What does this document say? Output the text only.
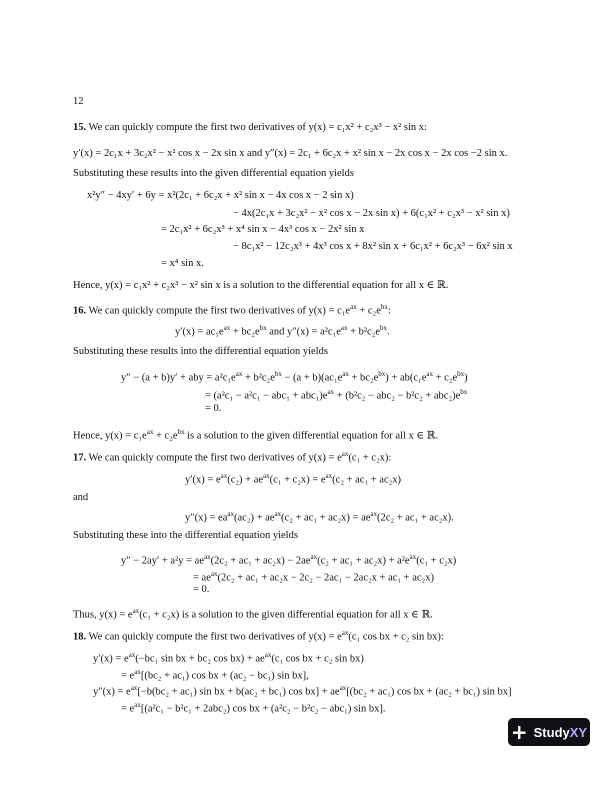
12
15. We can quickly compute the first two derivatives of y(x) = c₁x² + c₂x³ − x² sin x:
y′(x) = 2c₁x + 3c₂x² − x² cos x − 2x sin x and y″(x) = 2c₁ + 6c₂x + x² sin x − 2x cos x − 2x cos −2 sin x.
Substituting these results into the given differential equation yields
x²y″ − 4xy′ + 6y = x²(2c₁ + 6c₂x + x² sin x − 4x cos x − 2 sin x)
− 4x(2c₁x + 3c₂x² − x² cos x − 2x sin x) + 6(c₁x² + c₂x³ − x² sin x)
= 2c₁x² + 6c₂x³ + x⁴ sin x − 4x³ cos x − 2x² sin x
− 8c₁x² − 12c₂x³ + 4x³ cos x + 8x² sin x + 6c₁x² + 6c₂x³ − 6x² sin x
= x⁴ sin x.
Hence, y(x) = c₁x² + c₂x³ − x² sin x is a solution to the differential equation for all x ∈ ℝ.
16. We can quickly compute the first two derivatives of $y(x) = c_1e^{ax} + c_2e^{bx}$:
$y'(x) = ac_1e^{ax} + bc_2e^{bx}$ and $y''(x) = a^2c_1e^{ax} + b^2c_2e^{bx}$.
Substituting these results into the differential equation yields
y″ − (a + b)y′ + aby = $a^2c_1e^{ax} + b^2c_2e^{bx} - (a + b)(ac_1e^{ax} + bc_2e^{bx}) + ab(c_1e^{ax} + c_2e^{bx})$
= $(a^2c_1 - a^2c_1 - abc_1 + abc_1)e^{ax} + (b^2c_2 - abc_2 - b^2c_2 + abc_2)e^{bx}$
= 0.
Hence, $y(x) = c_1e^{ax} + c_2e^{bx}$ is a solution to the given differential equation for all x ∈ ℝ.
17. We can quickly compute the first two derivatives of $y(x) = e^{ax}(c_1 + c_2x)$:
$y'(x) = e^{ax}(c_2) + ae^{ax}(c_1 + c_2x) = e^{ax}(c_2 + ac_1 + ac_2x)$
and
$y''(x) = ea^{ax}(ac_2) + ae^{ax}(c_2 + ac_1 + ac_2x) = ae^{ax}(2c_2 + ac_1 + ac_2x)$.
Substituting these into the differential equation yields
$y'' - 2ay' + a^2y = ae^{ax}(2c_2 + ac_1 + ac_2x) - 2ae^{ax}(c_2 + ac_1 + ac_2x) + a^2e^{ax}(c_1 + c_2x)$
= $ae^{ax}(2c_2 + ac_1 + ac_2x - 2c_2 - 2ac_1 - 2ac_2x + ac_1 + ac_2x)$
= 0.
Thus, $y(x) = e^{ax}(c_1 + c_2x)$ is a solution to the given differential equation for all x ∈ ℝ.
18. We can quickly compute the first two derivatives of $y(x) = e^{ax}(c_1$ cos bx + c₂ sin bx):
$y'(x) = e^{ax}(-bc_1$ sin bx + bc₂ $\cos bx) + ae^{ax}(c_1$ cos bx + c₂ sin bx)
= $e^{ax}[(bc_2 + ac_1)$ cos bx + (ac₂ − bc₁) sin bx],
$y''(x) = e^{ax}[-b(bc_2 + ac_1)$ sin bx + b(ac₂ + bc₁) $\cos bx] + ae^{ax}[(bc_2 + ac_1)$ cos bx + (ac₂ + bc₁) sin bx]
= $e^{ax}[(a^2c_1 - b^2c_1 + 2abc_2)$ cos bx + (a²c₂ − b²c₂ − abc₁) sin bx].
+ StudyXY
